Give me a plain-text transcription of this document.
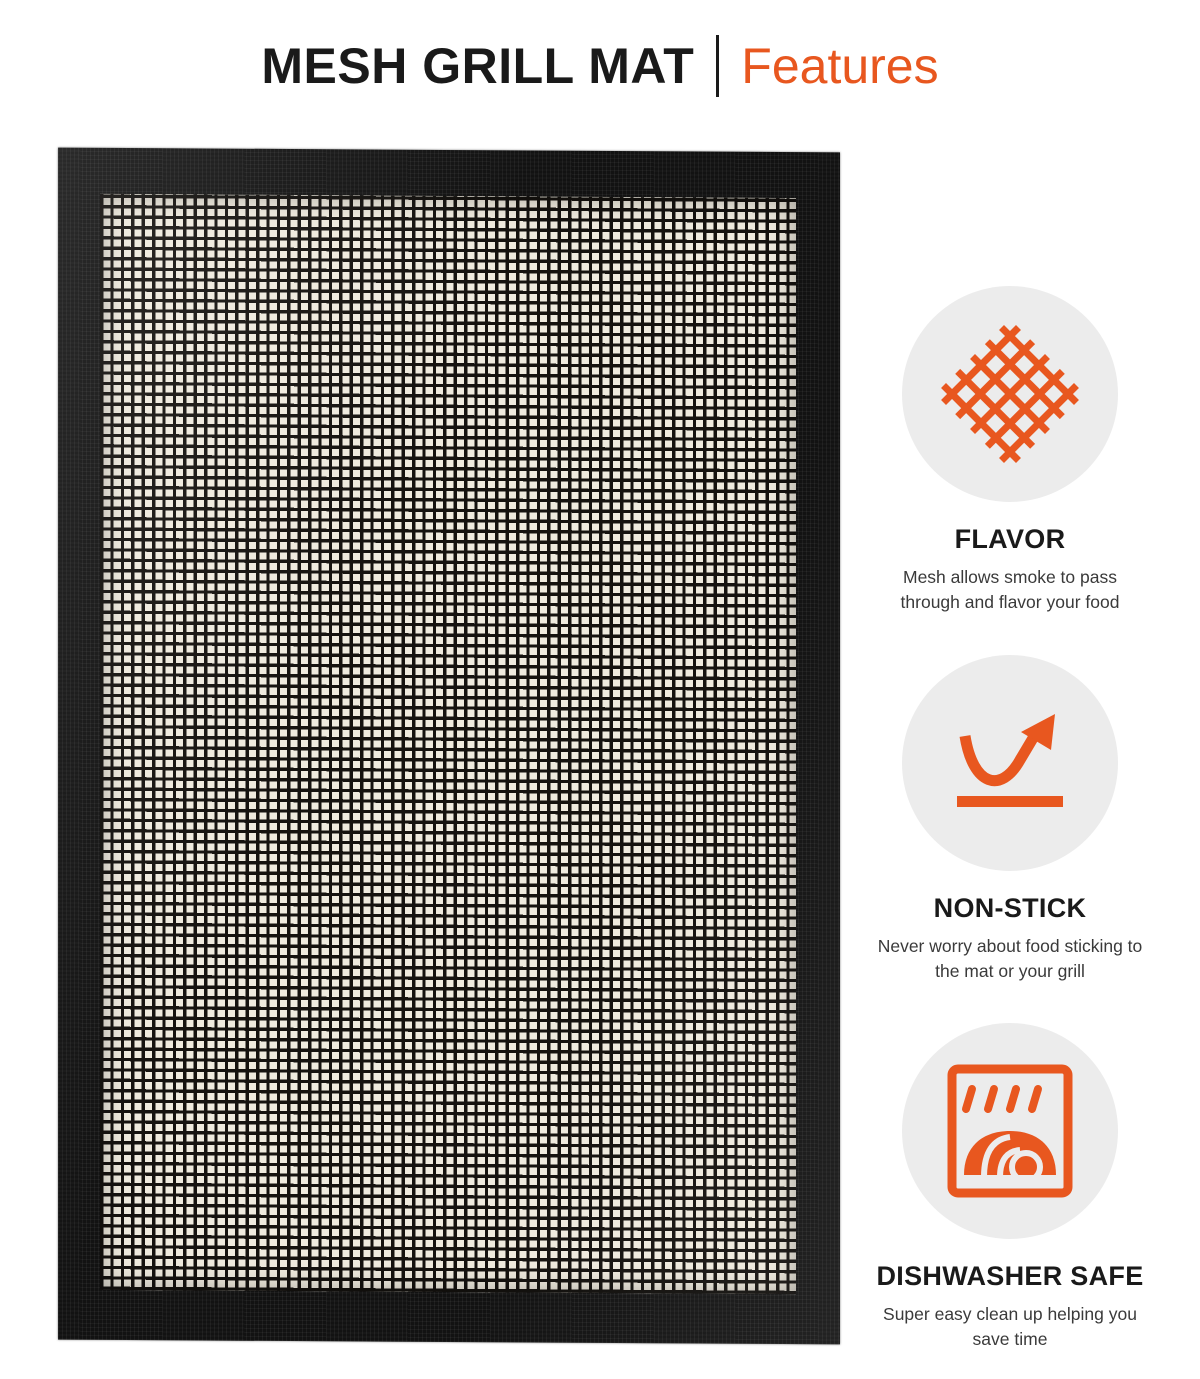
MESH GRILL MAT Features
FLAVOR
Mesh allows smoke to pass through and flavor your food
NON-STICK
Never worry about food sticking to the mat or your grill
DISHWASHER SAFE
Super easy clean up helping you save time
